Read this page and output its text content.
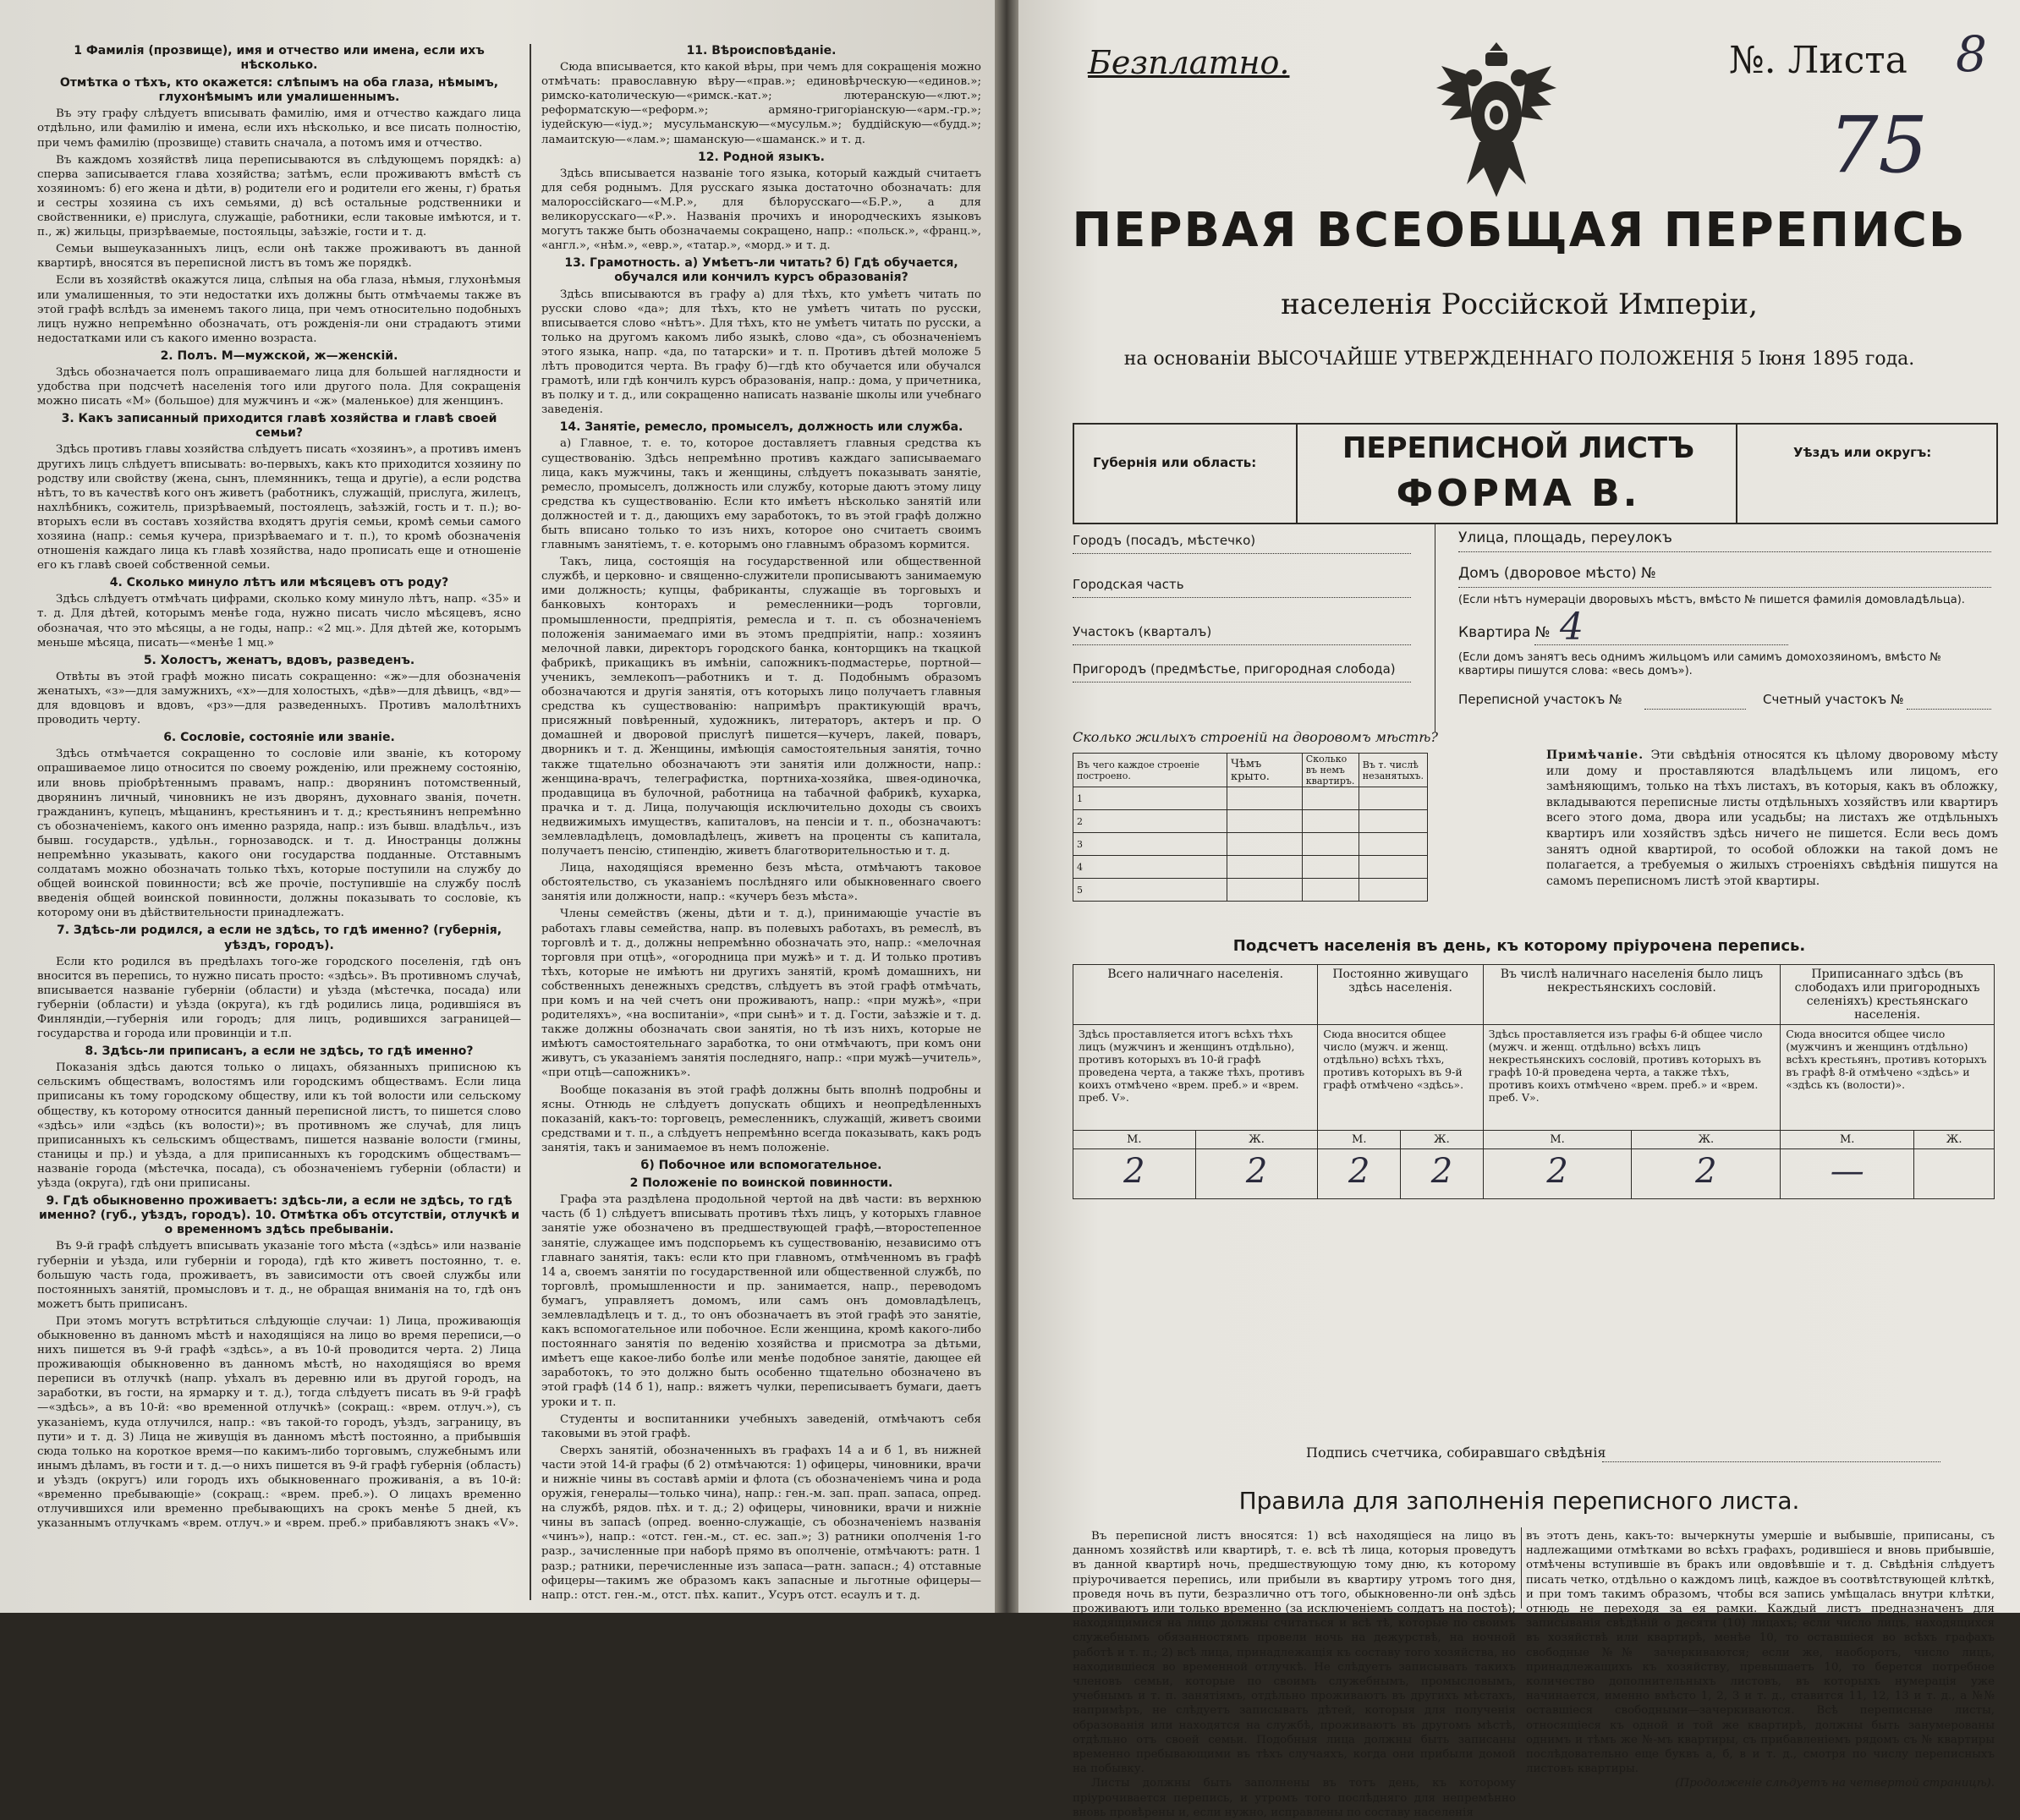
1 Фамилія (прозвище), имя и отчество или имена, если ихъ нѣсколько.
Отмѣтка о тѣхъ, кто окажется: слѣпымъ на оба глаза, нѣмымъ, глухонѣмымъ или умалишеннымъ.

Въ эту графу слѣдуетъ вписывать фамилію, имя и отчество каждаго лица отдѣльно, или фамилію и имена, если ихъ нѣсколько, и все писать полностію, при чемъ фамилію (прозвище) ставить сначала, а потомъ имя и отчество.

Въ каждомъ хозяйствѣ лица переписываются въ слѣдующемъ порядкѣ: а) сперва записывается глава хозяйства; затѣмъ, если проживаютъ вмѣстѣ съ хозяиномъ: б) его жена и дѣти, в) родители его и родители его жены, г) братья и сестры хозяина съ ихъ семьями, д) всѣ остальные родственники и свойственники, е) прислуга, служащіе, работники, если таковые имѣются, и т. п., ж) жильцы, призрѣваемые, постояльцы, заѣзжіе, гости и т. д.

Семьи вышеуказанныхъ лицъ, если онѣ также проживаютъ въ данной квартирѣ, вносятся въ переписной листъ въ томъ же порядкѣ.

Если въ хозяйствѣ окажутся лица, слѣпыя на оба глаза, нѣмыя, глухонѣмыя или умалишенныя, то эти недостатки ихъ должны быть отмѣчаемы также въ этой графѣ вслѣдъ за именемъ такого лица, при чемъ относительно подобныхъ лицъ нужно непремѣнно обозначать, отъ рожденія-ли они страдаютъ этими недостатками или съ какого именно возраста.

2. Полъ. М—мужской, ж—женскій.

Здѣсь обозначается полъ опрашиваемаго лица для большей наглядности и удобства при подсчетѣ населенія того или другого пола. Для сокращенія можно писать «М» (большое) для мужчинъ и «ж» (маленькое) для женщинъ.

3. Какъ записанный приходится главѣ хозяйства и главѣ своей семьи?

Здѣсь противъ главы хозяйства слѣдуетъ писать «хозяинъ», а противъ именъ другихъ лицъ слѣдуетъ вписывать: во-первыхъ, какъ кто приходится хозяину по родству или свойству (жена, сынъ, племянникъ, теща и другіе), а если родства нѣтъ, то въ качествѣ кого онъ живетъ (работникъ, служащій, прислуга, жилецъ, нахлѣбникъ, сожитель, призрѣваемый, постоялецъ, заѣзжій, гость и т. п.); во-вторыхъ если въ составъ хозяйства входятъ другія семьи, кромѣ семьи самого хозяина (напр.: семья кучера, призрѣваемаго и т. п.), то кромѣ обозначенія отношенія каждаго лица къ главѣ хозяйства, надо прописать еще и отношеніе его къ главѣ своей собственной семьи.

4. Сколько минуло лѣтъ или мѣсяцевъ отъ роду?

Здѣсь слѣдуетъ отмѣчать цифрами, сколько кому минуло лѣтъ, напр. «35» и т. д. Для дѣтей, которымъ менѣе года, нужно писать число мѣсяцевъ, ясно обозначая, что это мѣсяцы, а не годы, напр.: «2 мц.». Для дѣтей же, которымъ меньше мѣсяца, писать—«менѣе 1 мц.»

5. Холостъ, женатъ, вдовъ, разведенъ.

Отвѣты въ этой графѣ можно писать сокращенно: «ж»—для обозначенія женатыхъ, «з»—для замужнихъ, «х»—для холостыхъ, «дѣв»—для дѣвицъ, «вд»—для вдовцовъ и вдовъ, «рз»—для разведенныхъ. Противъ малолѣтнихъ проводить черту.

6. Сословіе, состояніе или званіе.

Здѣсь отмѣчается сокращенно то сословіе или званіе, къ которому опрашиваемое лицо относится по своему рожденію, или прежнему состоянію, или вновь пріобрѣтеннымъ правамъ, напр.: дворянинъ потомственный, дворянинъ личный, чиновникъ не изъ дворянъ, духовнаго званія, почетн. гражданинъ, купецъ, мѣщанинъ, крестьянинъ и т. д.; крестьянинъ непремѣнно съ обозначеніемъ, какого онъ именно разряда, напр.: изъ бывш. владѣльч., изъ бывш. государств., удѣльн., горнозаводск. и т. д. Иностранцы должны непремѣнно указывать, какого они государства подданные. Отставнымъ солдатамъ можно обозначать только тѣхъ, которые поступили на службу до общей воинской повинности; всѣ же прочіе, поступившіе на службу послѣ введенія общей воинской повинности, должны показывать то сословіе, къ которому они въ дѣйствительности принадлежатъ.

7. Здѣсь-ли родился, а если не здѣсь, то гдѣ именно? (губернія, уѣздъ, городъ).

Если кто родился въ предѣлахъ того-же городского поселенія, гдѣ онъ вносится въ перепись, то нужно писать просто: «здѣсь». Въ противномъ случаѣ, вписывается названіе губерніи (области) и уѣзда (мѣстечка, посада) или губерніи (области) и уѣзда (округа), къ гдѣ родились лица, родившіяся въ Финляндіи,—губернія или городъ; для лицъ, родившихся заграницей—государства и города или провинціи и т.п.

8. Здѣсь-ли приписанъ, а если не здѣсь, то гдѣ именно?

Показанія здѣсь даются только о лицахъ, обязанныхъ приписною къ сельскимъ обществамъ, волостямъ или городскимъ обществамъ. Если лица приписаны къ тому городскому обществу, или къ той волости или сельскому обществу, къ которому относится данный переписной листъ, то пишется слово «здѣсь» или «здѣсь (къ волости)»; въ противномъ же случаѣ, для лицъ приписанныхъ къ сельскимъ обществамъ, пишется названіе волости (гмины, станицы и пр.) и уѣзда, а для приписанныхъ къ городскимъ обществамъ—названіе города (мѣстечка, посада), съ обозначеніемъ губерніи (области) и уѣзда (округа), гдѣ они приписаны.

9. Гдѣ обыкновенно проживаетъ: здѣсь-ли, а если не здѣсь, то гдѣ именно? (губ., уѣздъ, городъ). 10. Отмѣтка объ отсутствіи, отлучкѣ и о временномъ здѣсь пребываніи.

Въ 9-й графѣ слѣдуетъ вписывать указаніе того мѣста («здѣсь» или названіе губерніи и уѣзда, или губерніи и города), гдѣ кто живетъ постоянно, т. е. большую часть года, проживаетъ, въ зависимости отъ своей службы или постоянныхъ занятій, промысловъ и т. д., не обращая вниманія на то, гдѣ онъ можетъ быть приписанъ.

При этомъ могутъ встрѣтиться слѣдующіе случаи: 1) Лица, проживающія обыкновенно въ данномъ мѣстѣ и находящіяся на лицо во время переписи,—о нихъ пишется въ 9-й графѣ «здѣсь», а въ 10-й проводится черта. 2) Лица проживающія обыкновенно въ данномъ мѣстѣ, но находящіяся во время переписи въ отлучкѣ (напр. уѣхалъ въ деревню или въ другой городъ, на заработки, въ гости, на ярмарку и т. д.), тогда слѣдуетъ писать въ 9-й графѣ—«здѣсь», а въ 10-й: «во временной отлучкѣ» (сокращ.: «врем. отлуч.»), съ указаніемъ, куда отлучился, напр.: «въ такой-то городъ, уѣздъ, заграницу, въ пути» и т. д. 3) Лица не живущія въ данномъ мѣстѣ постоянно, а прибывшія сюда только на короткое время—по какимъ-либо торговымъ, служебнымъ или инымъ дѣламъ, въ гости и т. д.—о нихъ пишется въ 9-й графѣ губернія (область) и уѣздъ (округъ) или городъ ихъ обыкновеннаго проживанія, а въ 10-й: «временно пребывающіе» (сокращ.: «врем. преб.»). О лицахъ временно отлучившихся или временно пребывающихъ на срокъ менѣе 5 дней, къ указаннымъ отлучкамъ «врем. отлуч.» и «врем. преб.» прибавляютъ знакъ «V».

11. Вѣроисповѣданіе.

Сюда вписывается, кто какой вѣры, при чемъ для сокращенія можно отмѣчать: православную вѣру—«прав.»; единовѣрческую—«единов.»; римско-католическую—«римск.-кат.»; лютеранскую—«лют.»; реформатскую—«реформ.»; армяно-григоріанскую—«арм.-гр.»; іудейскую—«іуд.»; мусульманскую—«мусульм.»; буддійскую—«будд.»; ламаитскую—«лам.»; шаманскую—«шаманск.» и т. д.

12. Родной языкъ.

Здѣсь вписывается названіе того языка, который каждый считаетъ для себя роднымъ. Для русскаго языка достаточно обозначать: для малороссійскаго—«М.Р.», для бѣлорусскаго—«Б.Р.», а для великорусскаго—«Р.». Названія прочихъ и инородческихъ языковъ могутъ также быть обозначаемы сокращено, напр.: «польск.», «франц.», «англ.», «нѣм.», «евр.», «татар.», «морд.» и т. д.

13. Грамотность. а) Умѣетъ-ли читать? б) Гдѣ обучается, обучался или кончилъ курсъ образованія?

Здѣсь вписываются въ графу а) для тѣхъ, кто умѣетъ читать по русски слово «да»; для тѣхъ, кто не умѣетъ читать по русски, вписывается слово «нѣтъ». Для тѣхъ, кто не умѣетъ читать по русски, а только на другомъ какомъ либо языкѣ, слово «да», съ обозначеніемъ этого языка, напр. «да, по татарски» и т. п. Противъ дѣтей моложе 5 лѣтъ проводится черта. Въ графу б)—гдѣ кто обучается или обучался грамотѣ, или гдѣ кончилъ курсъ образованія, напр.: дома, у причетника, въ полку и т. д., или сокращенно написать названіе школы или учебнаго заведенія.

14. Занятіе, ремесло, промыселъ, должность или служба.

а) Главное, т. е. то, которое доставляетъ главныя средства къ существованію. Здѣсь непремѣнно противъ каждаго записываемаго лица, какъ мужчины, такъ и женщины, слѣдуетъ показывать занятіе, ремесло, промыселъ, должность или службу, которые даютъ этому лицу средства къ существованію. Если кто имѣетъ нѣсколько занятій или должностей и т. д., дающихъ ему заработокъ, то въ этой графѣ должно быть вписано только то изъ нихъ, которое оно считаетъ своимъ главнымъ занятіемъ, т. е. которымъ оно главнымъ образомъ кормится.

Такъ, лица, состоящія на государственной или общественной службѣ, и церковно- и священно-служители прописываютъ занимаемую ими должность; купцы, фабриканты, служащіе въ торговыхъ и банковыхъ конторахъ и ремесленники—родъ торговли, промышленности, предпріятія, ремесла и т. п. съ обозначеніемъ положенія занимаемаго ими въ этомъ предпріятіи, напр.: хозяинъ мелочной лавки, директоръ городского банка, конторщикъ на ткацкой фабрикѣ, прикащикъ въ имѣніи, сапожникъ-подмастерье, портной—ученикъ, землекопъ—работникъ и т. д. Подобнымъ образомъ обозначаются и другія занятія, отъ которыхъ лицо получаетъ главныя средства къ существованію: напримѣръ практикующій врачъ, присяжный повѣренный, художникъ, литераторъ, актеръ и пр. О домашней и дворовой прислугѣ пишется—кучеръ, лакей, поваръ, дворникъ и т. д. Женщины, имѣющія самостоятельныя занятія, точно также тщательно обозначаютъ эти занятія или должности, напр.: женщина-врачъ, телеграфистка, портниха-хозяйка, швея-одиночка, продавщица въ булочной, работница на табачной фабрикѣ, кухарка, прачка и т. д. Лица, получающія исключительно доходы съ своихъ недвижимыхъ имуществъ, капиталовъ, на пенсіи и т. п., обозначаютъ: землевладѣлецъ, домовладѣлецъ, живетъ на проценты съ капитала, получаетъ пенсію, стипендію, живетъ благотворительностью и т. д.

Лица, находящіяся временно безъ мѣста, отмѣчаютъ таковое обстоятельство, съ указаніемъ послѣдняго или обыкновеннаго своего занятія или должности, напр.: «кучеръ безъ мѣста».

Члены семействъ (жены, дѣти и т. д.), принимающіе участіе въ работахъ главы семейства, напр. въ полевыхъ работахъ, въ ремеслѣ, въ торговлѣ и т. д., должны непремѣнно обозначать это, напр.: «мелочная торговля при отцѣ», «огородница при мужѣ» и т. д. И только противъ тѣхъ, которые не имѣютъ ни другихъ занятій, кромѣ домашнихъ, ни собственныхъ денежныхъ средствъ, слѣдуетъ въ этой графѣ отмѣчать, при комъ и на чей счетъ они проживаютъ, напр.: «при мужѣ», «при родителяхъ», «на воспитаніи», «при сынѣ» и т. д. Гости, заѣзжіе и т. д. также должны обозначать свои занятія, но тѣ изъ нихъ, которые не имѣютъ самостоятельнаго заработка, то они отмѣчаютъ, при комъ они живутъ, съ указаніемъ занятія последняго, напр.: «при мужѣ—учитель», «при отцѣ—сапожникъ».

Вообще показанія въ этой графѣ должны быть вполнѣ подробны и ясны. Отнюдь не слѣдуетъ допускать общихъ и неопредѣленныхъ показаній, какъ-то: торговецъ, ремесленникъ, служащій, живетъ своими средствами и т. п., а слѣдуетъ непремѣнно всегда показывать, какъ родъ занятія, такъ и занимаемое въ немъ положеніе.

б) Побочное или вспомогательное.
2 Положеніе по воинской повинности.

Графа эта раздѣлена продольной чертой на двѣ части: въ верхнюю часть (б 1) слѣдуетъ вписывать противъ тѣхъ лицъ, у которыхъ главное занятіе уже обозначено въ предшествующей графѣ,—второстепенное занятіе, служащее имъ подспорьемъ къ существованію, независимо отъ главнаго занятія, такъ: если кто при главномъ, отмѣченномъ въ графѣ 14 а, своемъ занятіи по государственной или общественной службѣ, по торговлѣ, промышленности и пр. занимается, напр., переводомъ бумагъ, управляетъ домомъ, или самъ онъ домовладѣлецъ, землевладѣлецъ и т. д., то онъ обозначаетъ въ этой графѣ это занятіе, какъ вспомогательное или побочное. Если женщина, кромѣ какого-либо постояннаго занятія по веденію хозяйства и присмотра за дѣтьми, имѣетъ еще какое-либо болѣе или менѣе подобное занятіе, дающее ей заработокъ, то это должно быть особенно тщательно обозначено въ этой графѣ (14 б 1), напр.: вяжетъ чулки, переписываетъ бумаги, даетъ уроки и т. п.

Студенты и воспитанники учебныхъ заведеній, отмѣчаютъ себя таковыми въ этой графѣ.

Сверхъ занятій, обозначенныхъ въ графахъ 14 а и б 1, въ нижней части этой 14-й графы (б 2) отмѣчаются: 1) офицеры, чиновники, врачи и нижніе чины въ составѣ арміи и флота (съ обозначеніемъ чина и рода оружія, генералы—только чина), напр.: ген.-м. зап. прап. запаса, опред. на службѣ, рядов. пѣх. и т. д.; 2) офицеры, чиновники, врачи и нижніе чины въ запасѣ (опред. военно-служащіе, съ обозначеніемъ названія «чинъ»), напр.: «отст. ген.-м., ст. ес. зап.»; 3) ратники ополченія 1-го разр., зачисленные при наборѣ прямо въ ополченіе, отмѣчаютъ: ратн. 1 разр.; ратники, перечисленные изъ запаса—ратн. запасн.; 4) отставные офицеры—такимъ же образомъ какъ запасные и льготные офицеры—напр.: отст. ген.-м., отст. пѣх. капит., Усуръ отст. есаулъ и т. д.

Безплатно.	№. Листа 8
75
ПЕРВАЯ ВСЕОБЩАЯ ПЕРЕПИСЬ
населенія Россійской Имперіи,
на основаніи ВЫСОЧАЙШЕ УТВЕРЖДЕННАГО ПОЛОЖЕНІЯ 5 Іюня 1895 года.
Губернія или область:	ПЕРЕПИСНОЙ ЛИСТЪ
ФОРМА В.
Уѣздъ или округъ:
Городъ (посадъ, мѣстечко)
Городская часть
Участокъ (кварталъ)
Пригородъ (предмѣстье, пригородная слобода)
Улица, площадь, переулокъ
Домъ (дворовое мѣсто) №
(Если нѣтъ нумераціи дворовыхъ мѣстъ, вмѣсто № пишется фамилія домовладѣльца).
Квартира № 4
(Если домъ занятъ весь однимъ жильцомъ или самимъ домохозяиномъ, вмѣсто № квартиры пишутся слова: «весь домъ»).
Переписной участокъ №	Счетный участокъ №
Сколько жилыхъ строеній на дворовомъ мѣстѣ?
Въ чего каждое строеніе построено.	Чѣмъ крыто.	Сколько въ немъ квартиръ.	Въ т. числѣ незанятыхъ.
1			
2			
3			
4			
5			
Примѣчаніе. Эти свѣдѣнія относятся къ цѣлому дворовому мѣсту или дому и проставляются владѣльцемъ или лицомъ, его замѣняющимъ, только на тѣхъ листахъ, въ которыя, какъ въ обложку, вкладываются переписные листы отдѣльныхъ хозяйствъ или квартиръ всего этого дома, двора или усадьбы; на листахъ же отдѣльныхъ квартиръ или хозяйствъ здѣсь ничего не пишется. Если весь домъ занятъ одной квартирой, то особой обложки на такой домъ не полагается, а требуемыя о жилыхъ строеніяхъ свѣдѣнія пишутся на самомъ переписномъ листѣ этой квартиры.
Подсчетъ населенія въ день, къ которому пріурочена перепись.
Всего наличнаго населенія.		Постоянно живущаго здѣсь населенія.		Въ числѣ наличнаго населенія было лицъ некрестьянскихъ сословій.		Приписаннаго здѣсь (въ слободахъ или пригородныхъ селеніяхъ) крестьянскаго населенія.	
Здѣсь проставляется итогъ всѣхъ тѣхъ лицъ (мужчинъ и женщинъ отдѣльно), противъ которыхъ въ 10-й графѣ проведена черта, а также тѣхъ, противъ коихъ отмѣчено «врем. преб.» и «врем. преб. V».		Сюда вносится общее число (мужч. и женщ. отдѣльно) всѣхъ тѣхъ, противъ которыхъ въ 9-й графѣ отмѣчено «здѣсь».		Здѣсь проставляется изъ графы 6-й общее число (мужч. и женщ. отдѣльно) всѣхъ лицъ некрестьянскихъ сословій, противъ которыхъ въ графѣ 10-й проведена черта, а также тѣхъ, противъ коихъ отмѣчено «врем. преб.» и «врем. преб. V».		Сюда вносится общее число (мужчинъ и женщинъ отдѣльно) всѣхъ крестьянъ, противъ которыхъ въ графѣ 8-й отмѣчено «здѣсь» и «здѣсь къ (волости)».	
М.	Ж.	М.	Ж.	М.	Ж.	М.	Ж.
2	2	2	2	2	2	—	
Подпись счетчика, собиравшаго свѣдѣнія
Правила для заполненія переписного листа.
Въ переписной листъ вносятся: 1) всѣ находящіеся на лицо въ данномъ хозяйствѣ или квартирѣ, т. е. всѣ тѣ лица, которыя проведутъ въ данной квартирѣ ночь, предшествующую тому дню, къ которому пріурочивается перепись, или прибыли въ квартиру утромъ того дня, проведя ночь въ пути, безразлично отъ того, обыкновенно-ли онѣ здѣсь проживаютъ или только временно (за исключеніемъ солдатъ на постоѣ); находящимися на лицо должны считаться и всѣ тѣ, которые по своимъ служебнымъ обязанностямъ провели ночь на дежурствѣ, на ночной работѣ и т. п.; 2) всѣ лица, принадлежащія къ составу того хозяйства, но находившіеся во временной отлучкѣ. Не слѣдуетъ записывать такихъ членовъ семьи, которые по своимъ служебнымъ, промысловымъ, учебнымъ и т. п. занятіямъ, отдѣльно проживаютъ въ другихъ мѣстахъ, напримѣръ, не слѣдуетъ записывать дѣтей, которыя для полученія образованія или находятся на службѣ, проживаютъ въ другомъ мѣстѣ, отдѣльно отъ своей семьи. Подобныя лица должны быть записаны временно пребывающими въ тѣхъ случаяхъ, когда они прибыли домой на побывку.
Листы должны быть заполнены въ тотъ день, къ которому пріурочивается перепись, и утромъ того послѣдняго для непремѣнно вновь провѣрены и, если нужно, исправлены по составу населенія
въ этотъ день, какъ-то: вычеркнуты умершіе и выбывшіе, приписаны, съ надлежащими отмѣтками во всѣхъ графахъ, родившіеся и вновь прибывшіе, отмѣчены вступившіе въ бракъ или овдовѣвшіе и т. д. Свѣдѣнія слѣдуетъ писать четко, отдѣльно о каждомъ лицѣ, каждое въ соотвѣтствующей клѣткѣ, и при томъ такимъ образомъ, чтобы вся запись умѣщалась внутри клѣтки, отнюдь не переходя за ея рамки. Каждый листъ предназначенъ для записыванія свѣдѣній о десяти (10) лицахъ; если число лицъ, находящихся въ хозяйствѣ или квартирѣ, менѣе 10, то оставшіеся во всѣхъ графахъ свободные №№ зачеркиваются; если же, наоборотъ, число лицъ, принадлежащихъ къ хозяйству, превышаетъ 10, то берется потребное количество дополнительныхъ листовъ, въ которыхъ нумерація уже начинается, именно вмѣсто 1, 2, 3 и т. д., ставится 11, 12, 13 и т. д., а №№ оставшіеся свободными—зачеркиваются. Всѣ переписные листы, относящіеся къ одной и той же квартирѣ, должны быть занумерованы однимъ и тѣмъ же №-мъ квартиры, съ прибавленіемъ рядомъ съ № квартиры послѣдовательно еще буквъ а, б, в и т. д., смотря по числу переписныхъ листовъ квартиры.
(Продолженіе слѣдуетъ на четвертой страницѣ).
